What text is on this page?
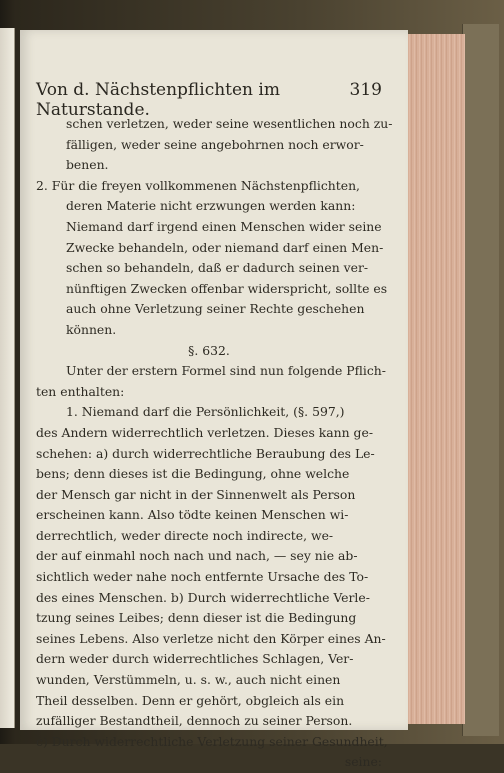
Von d. Nächstenpflichten im Naturstande.
319
schen verletzen, weder seine wesentlichen noch zu-
fälligen, weder seine angebohrnen noch erwor-
benen.
2. Für die freyen vollkommenen Nächstenpflichten,
deren Materie nicht erzwungen werden kann:
Niemand darf irgend einen Menschen wider seine
Zwecke behandeln, oder niemand darf einen Men-
schen so behandeln, daß er dadurch seinen ver-
nünftigen Zwecken offenbar widerspricht, sollte es
auch ohne Verletzung seiner Rechte geschehen
können.
§. 632.
Unter der erstern Formel sind nun folgende Pflich-
ten enthalten:
1. Niemand darf die Persönlichkeit, (§. 597,)
des Andern widerrechtlich verletzen. Dieses kann ge-
schehen: a) durch widerrechtliche Beraubung des Le-
bens; denn dieses ist die Bedingung, ohne welche
der Mensch gar nicht in der Sinnenwelt als Person
erscheinen kann. Also tödte keinen Menschen wi-
derrechtlich, weder directe noch indirecte, we-
der auf einmahl noch nach und nach, — sey nie ab-
sichtlich weder nahe noch entfernte Ursache des To-
des eines Menschen. b) Durch widerrechtliche Verle-
tzung seines Leibes; denn dieser ist die Bedingung
seines Lebens. Also verletze nicht den Körper eines An-
dern weder durch widerrechtliches Schlagen, Ver-
wunden, Verstümmeln, u. s. w., auch nicht einen
Theil desselben. Denn er gehört, obgleich als ein
zufälliger Bestandtheil, dennoch zu seiner Person.
c) Durch widerrechtliche Verletzung seiner Gesundheit,
seine:
